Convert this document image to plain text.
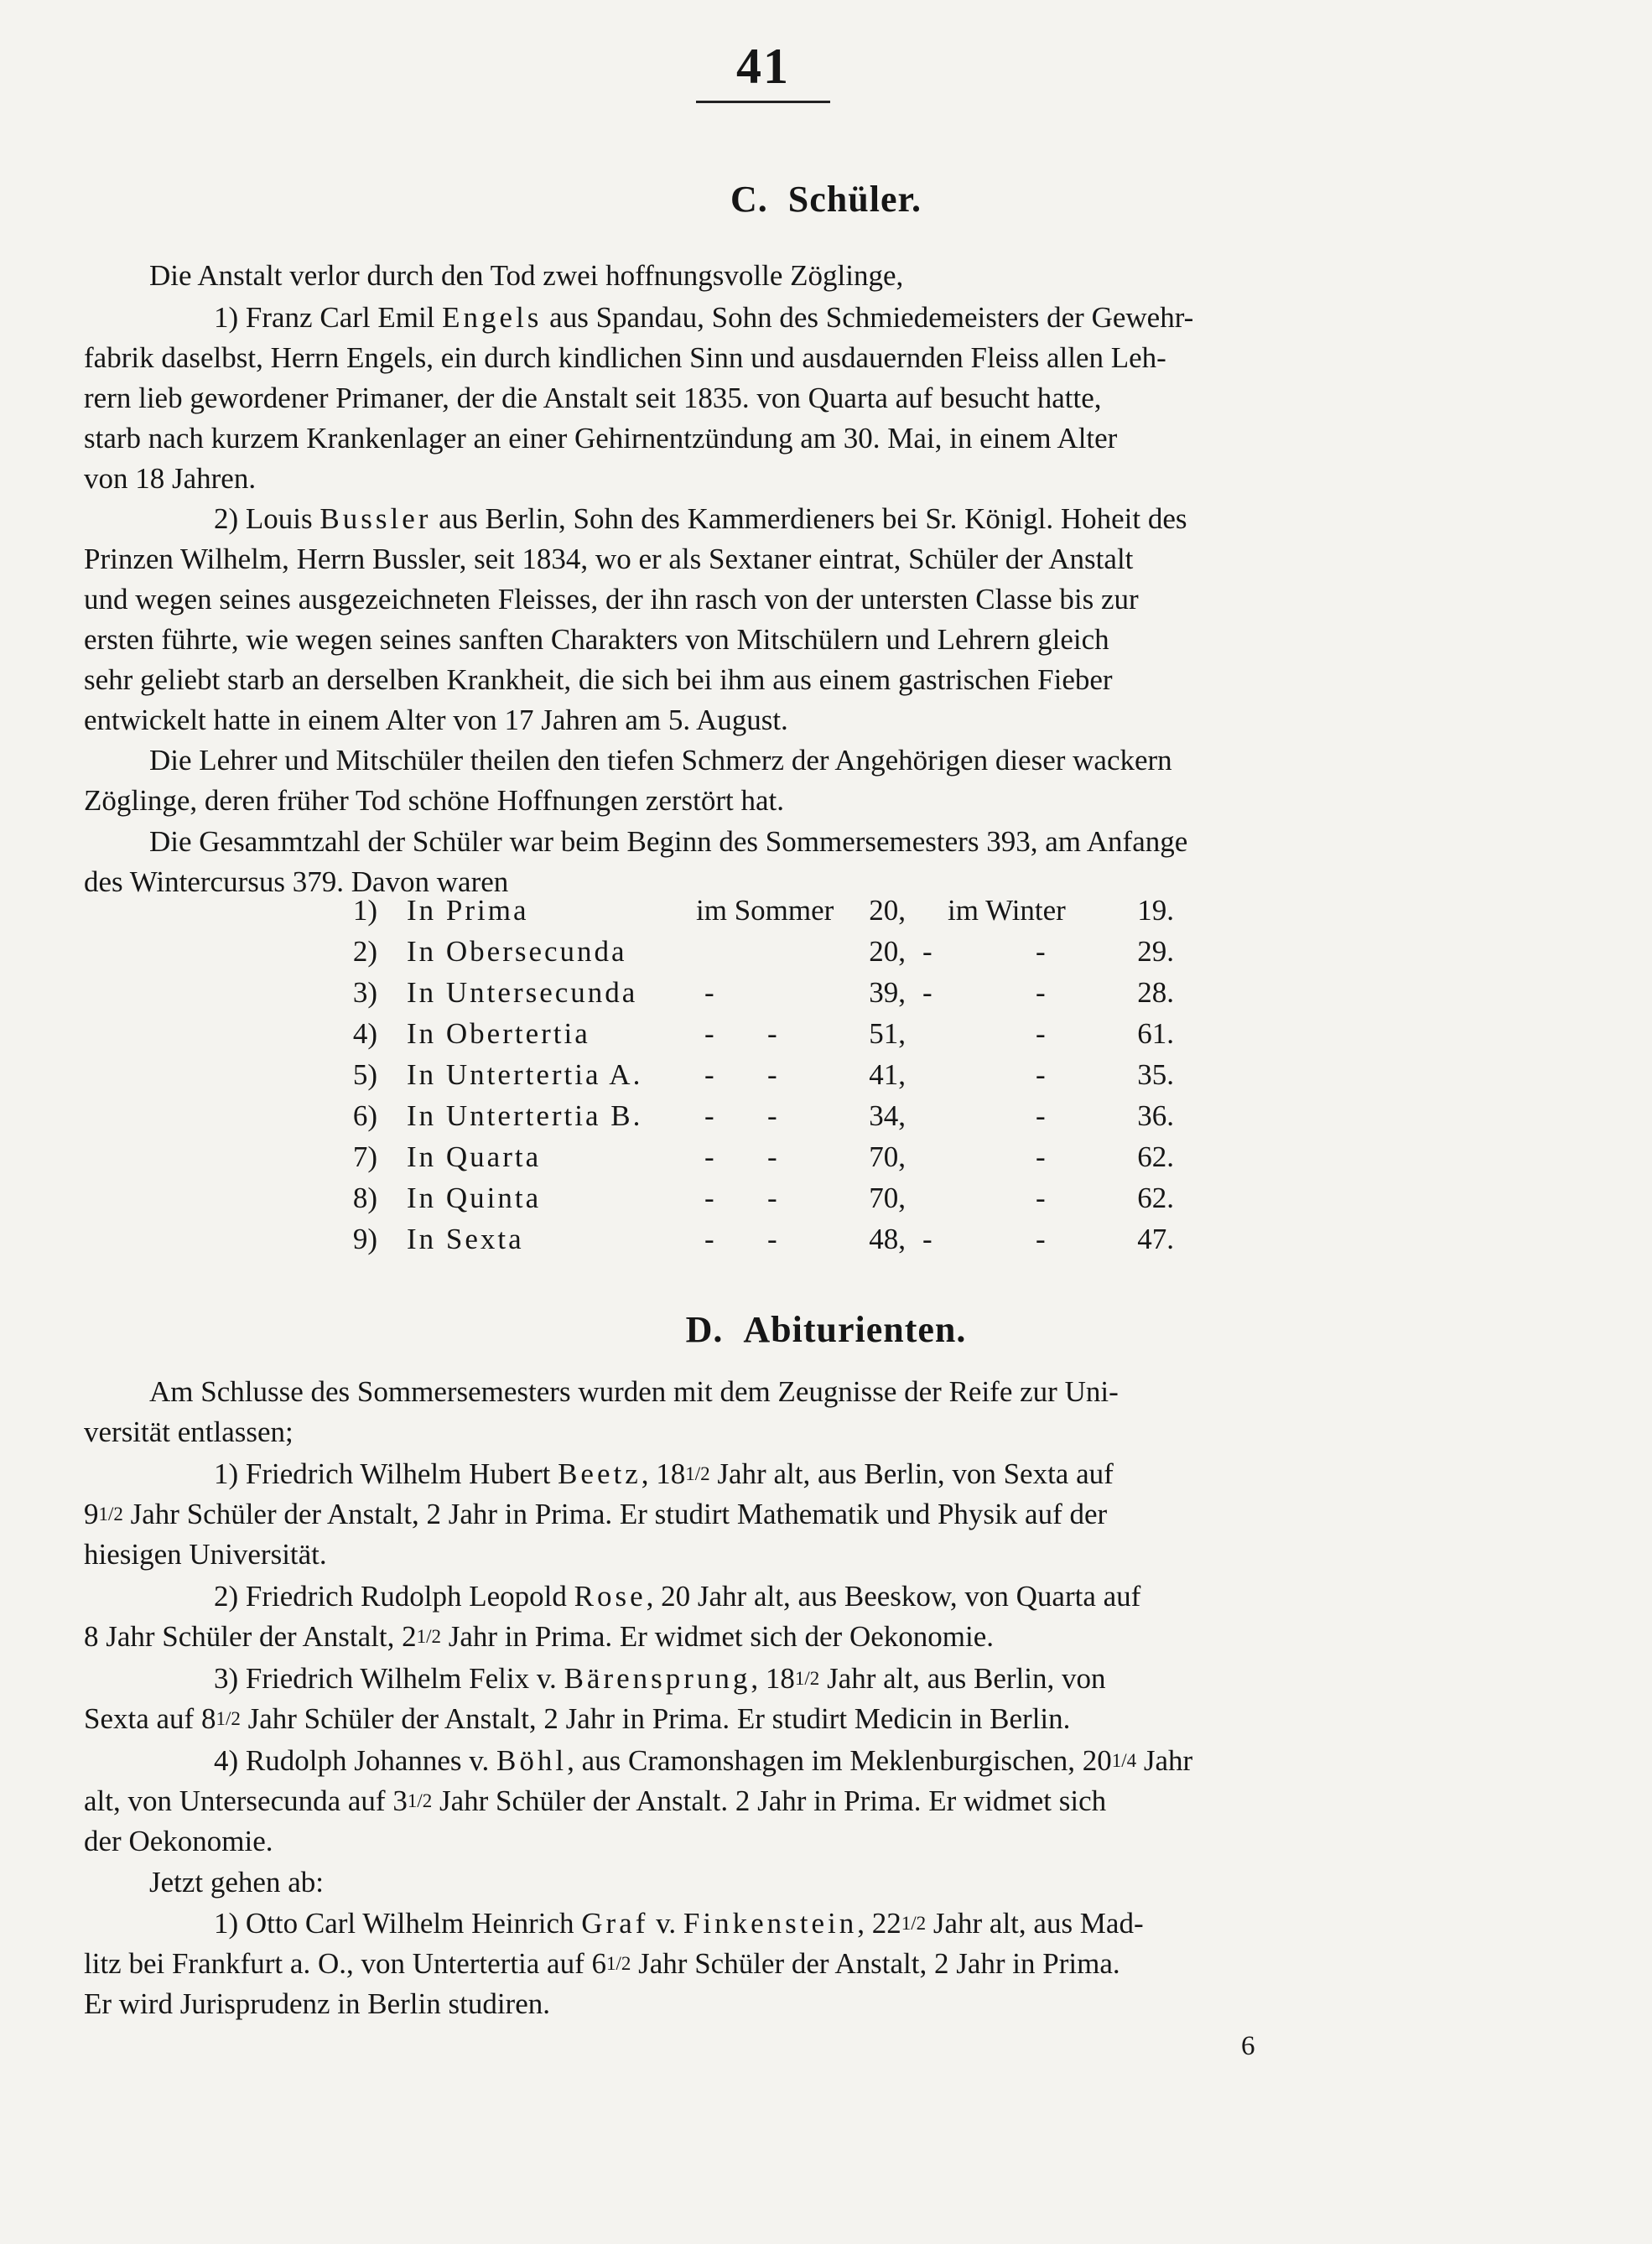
41
C. Schüler.
Die Anstalt verlor durch den Tod zwei hoffnungsvolle Zöglinge,
1) Franz Carl Emil Engels aus Spandau, Sohn des Schmiedemeisters der Gewehr-
fabrik daselbst, Herrn Engels, ein durch kindlichen Sinn und ausdauernden Fleiss allen Leh-
rern lieb gewordener Primaner, der die Anstalt seit 1835. von Quarta auf besucht hatte,
starb nach kurzem Krankenlager an einer Gehirnentzündung am 30. Mai, in einem Alter
von 18 Jahren.
2) Louis Bussler aus Berlin, Sohn des Kammerdieners bei Sr. Königl. Hoheit des
Prinzen Wilhelm, Herrn Bussler, seit 1834, wo er als Sextaner eintrat, Schüler der Anstalt
und wegen seines ausgezeichneten Fleisses, der ihn rasch von der untersten Classe bis zur
ersten führte, wie wegen seines sanften Charakters von Mitschülern und Lehrern gleich
sehr geliebt starb an derselben Krankheit, die sich bei ihm aus einem gastrischen Fieber
entwickelt hatte in einem Alter von 17 Jahren am 5. August.
Die Lehrer und Mitschüler theilen den tiefen Schmerz der Angehörigen dieser wackern
Zöglinge, deren früher Tod schöne Hoffnungen zerstört hat.
Die Gesammtzahl der Schüler war beim Beginn des Sommersemesters 393, am Anfange
des Wintercursus 379. Davon waren
1) In Prima	im Sommer	20, im Winter	19.
2) In Obersecunda	20, -	-	29.
3) In Untersecunda -	39, -	-	28.
4) In Obertertia	- -	51,	-	61.
5) In Untertertia A. - -	41,	-	35.
6) In Untertertia B. - -	34,	-	36.
7) In Quarta	- -	70,	-	62.
8) In Quinta	- -	70,	-	62.
9) In Sexta	- -	48, -	-	47.
D. Abiturienten.
Am Schlusse des Sommersemesters wurden mit dem Zeugnisse der Reife zur Uni-
versität entlassen;
1) Friedrich Wilhelm Hubert Beetz, 181/2 Jahr alt, aus Berlin, von Sexta auf
91/2 Jahr Schüler der Anstalt, 2 Jahr in Prima. Er studirt Mathematik und Physik auf der
hiesigen Universität.
2) Friedrich Rudolph Leopold Rose, 20 Jahr alt, aus Beeskow, von Quarta auf
8 Jahr Schüler der Anstalt, 21/2 Jahr in Prima. Er widmet sich der Oekonomie.
3) Friedrich Wilhelm Felix v. Bärensprung, 181/2 Jahr alt, aus Berlin, von
Sexta auf 81/2 Jahr Schüler der Anstalt, 2 Jahr in Prima. Er studirt Medicin in Berlin.
4) Rudolph Johannes v. Böhl, aus Cramonshagen im Meklenburgischen, 201/4 Jahr
alt, von Untersecunda auf 31/2 Jahr Schüler der Anstalt. 2 Jahr in Prima. Er widmet sich
der Oekonomie.
Jetzt gehen ab:
1) Otto Carl Wilhelm Heinrich Graf v. Finkenstein, 221/2 Jahr alt, aus Mad-
litz bei Frankfurt a. O., von Untertertia auf 61/2 Jahr Schüler der Anstalt, 2 Jahr in Prima.
Er wird Jurisprudenz in Berlin studiren.
6
